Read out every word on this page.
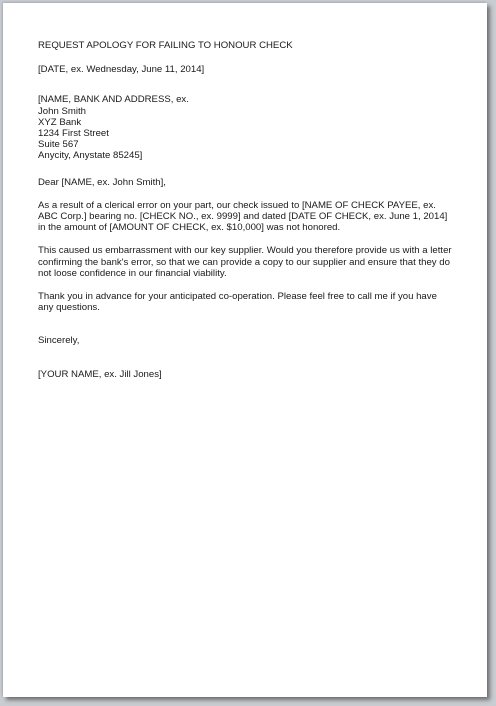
REQUEST APOLOGY FOR FAILING TO HONOUR CHECK

[DATE, ex. Wednesday, June 11, 2014]

[NAME, BANK AND ADDRESS, ex.
John Smith
XYZ Bank
1234 First Street
Suite 567
Anycity, Anystate 85245]

Dear [NAME, ex. John Smith],

As a result of a clerical error on your part, our check issued to [NAME OF CHECK PAYEE, ex.
ABC Corp.] bearing no. [CHECK NO., ex. 9999] and dated [DATE OF CHECK, ex. June 1, 2014]
in the amount of [AMOUNT OF CHECK, ex. $10,000] was not honored.

This caused us embarrassment with our key supplier. Would you therefore provide us with a letter
confirming the bank's error, so that we can provide a copy to our supplier and ensure that they do
not loose confidence in our financial viability.

Thank you in advance for your anticipated co-operation. Please feel free to call me if you have
any questions.

Sincerely,

[YOUR NAME, ex. Jill Jones]
